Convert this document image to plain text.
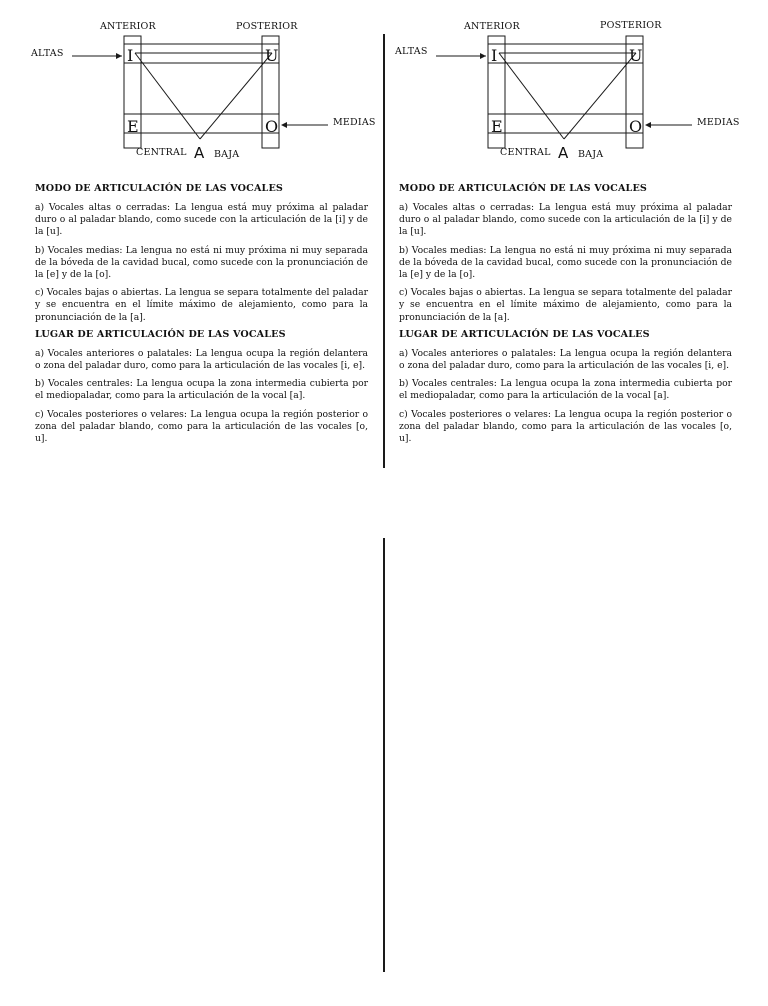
ANTERIOR	POSTERIOR
ALTAS
MEDIAS
CENTRAL	BAJA
I	U
E	O
A
MODO DE ARTICULACIÓN DE LAS VOCALES

a) Vocales altas o cerradas: La lengua está muy próxima al paladar duro o al paladar blando, como sucede con la articulación de la [i] y de la [u].

b) Vocales medias: La lengua no está ni muy próxima ni muy separada de la bóveda de la cavidad bucal, como sucede con la pronunciación de la [e] y de la [o].

c) Vocales bajas o abiertas. La lengua se separa totalmente del paladar y se encuentra en el límite máximo de alejamiento, como para la pronunciación de la [a].

LUGAR DE ARTICULACIÓN DE LAS VOCALES

a) Vocales anteriores o palatales: La lengua ocupa la región delantera o zona del paladar duro, como para la articulación de las vocales [i, e].

b) Vocales centrales: La lengua ocupa la zona intermedia cubierta por el mediopaladar, como para la articulación de la vocal [a].

c) Vocales posteriores o velares: La lengua ocupa la región posterior o zona del paladar blando, como para la articulación de las vocales [o, u].

ANTERIOR	POSTERIOR
ALTAS
MEDIAS
CENTRAL	BAJA
I	U
E	O
A
MODO DE ARTICULACIÓN DE LAS VOCALES

a) Vocales altas o cerradas: La lengua está muy próxima al paladar duro o al paladar blando, como sucede con la articulación de la [i] y de la [u].

b) Vocales medias: La lengua no está ni muy próxima ni muy separada de la bóveda de la cavidad bucal, como sucede con la pronunciación de la [e] y de la [o].

c) Vocales bajas o abiertas. La lengua se separa totalmente del paladar y se encuentra en el límite máximo de alejamiento, como para la pronunciación de la [a].

LUGAR DE ARTICULACIÓN DE LAS VOCALES

a) Vocales anteriores o palatales: La lengua ocupa la región delantera o zona del paladar duro, como para la articulación de las vocales [i, e].

b) Vocales centrales: La lengua ocupa la zona intermedia cubierta por el mediopaladar, como para la articulación de la vocal [a].

c) Vocales posteriores o velares: La lengua ocupa la región posterior o zona del paladar blando, como para la articulación de las vocales [o, u].
